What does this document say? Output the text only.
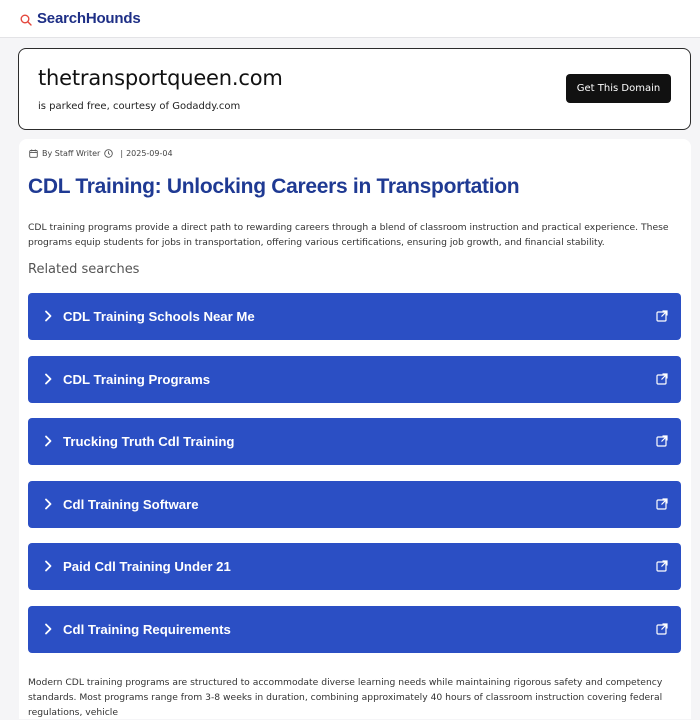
SearchHounds
thetransportqueen.com
is parked free, courtesy of Godaddy.com
Get This Domain
By Staff Writer	| 2025-09-04
CDL Training: Unlocking Careers in Transportation

CDL training programs provide a direct path to rewarding careers through a blend of classroom instruction and practical experience. These programs equip students for jobs in transportation, offering various certifications, ensuring job growth, and financial stability.

Related searches
CDL Training Schools Near Me
CDL Training Programs
Trucking Truth Cdl Training
Cdl Training Software
Paid Cdl Training Under 21
Cdl Training Requirements

Modern CDL training programs are structured to accommodate diverse learning needs while maintaining rigorous safety and competency standards. Most programs range from 3-8 weeks in duration, combining approximately 40 hours of classroom instruction covering federal regulations, vehicle
